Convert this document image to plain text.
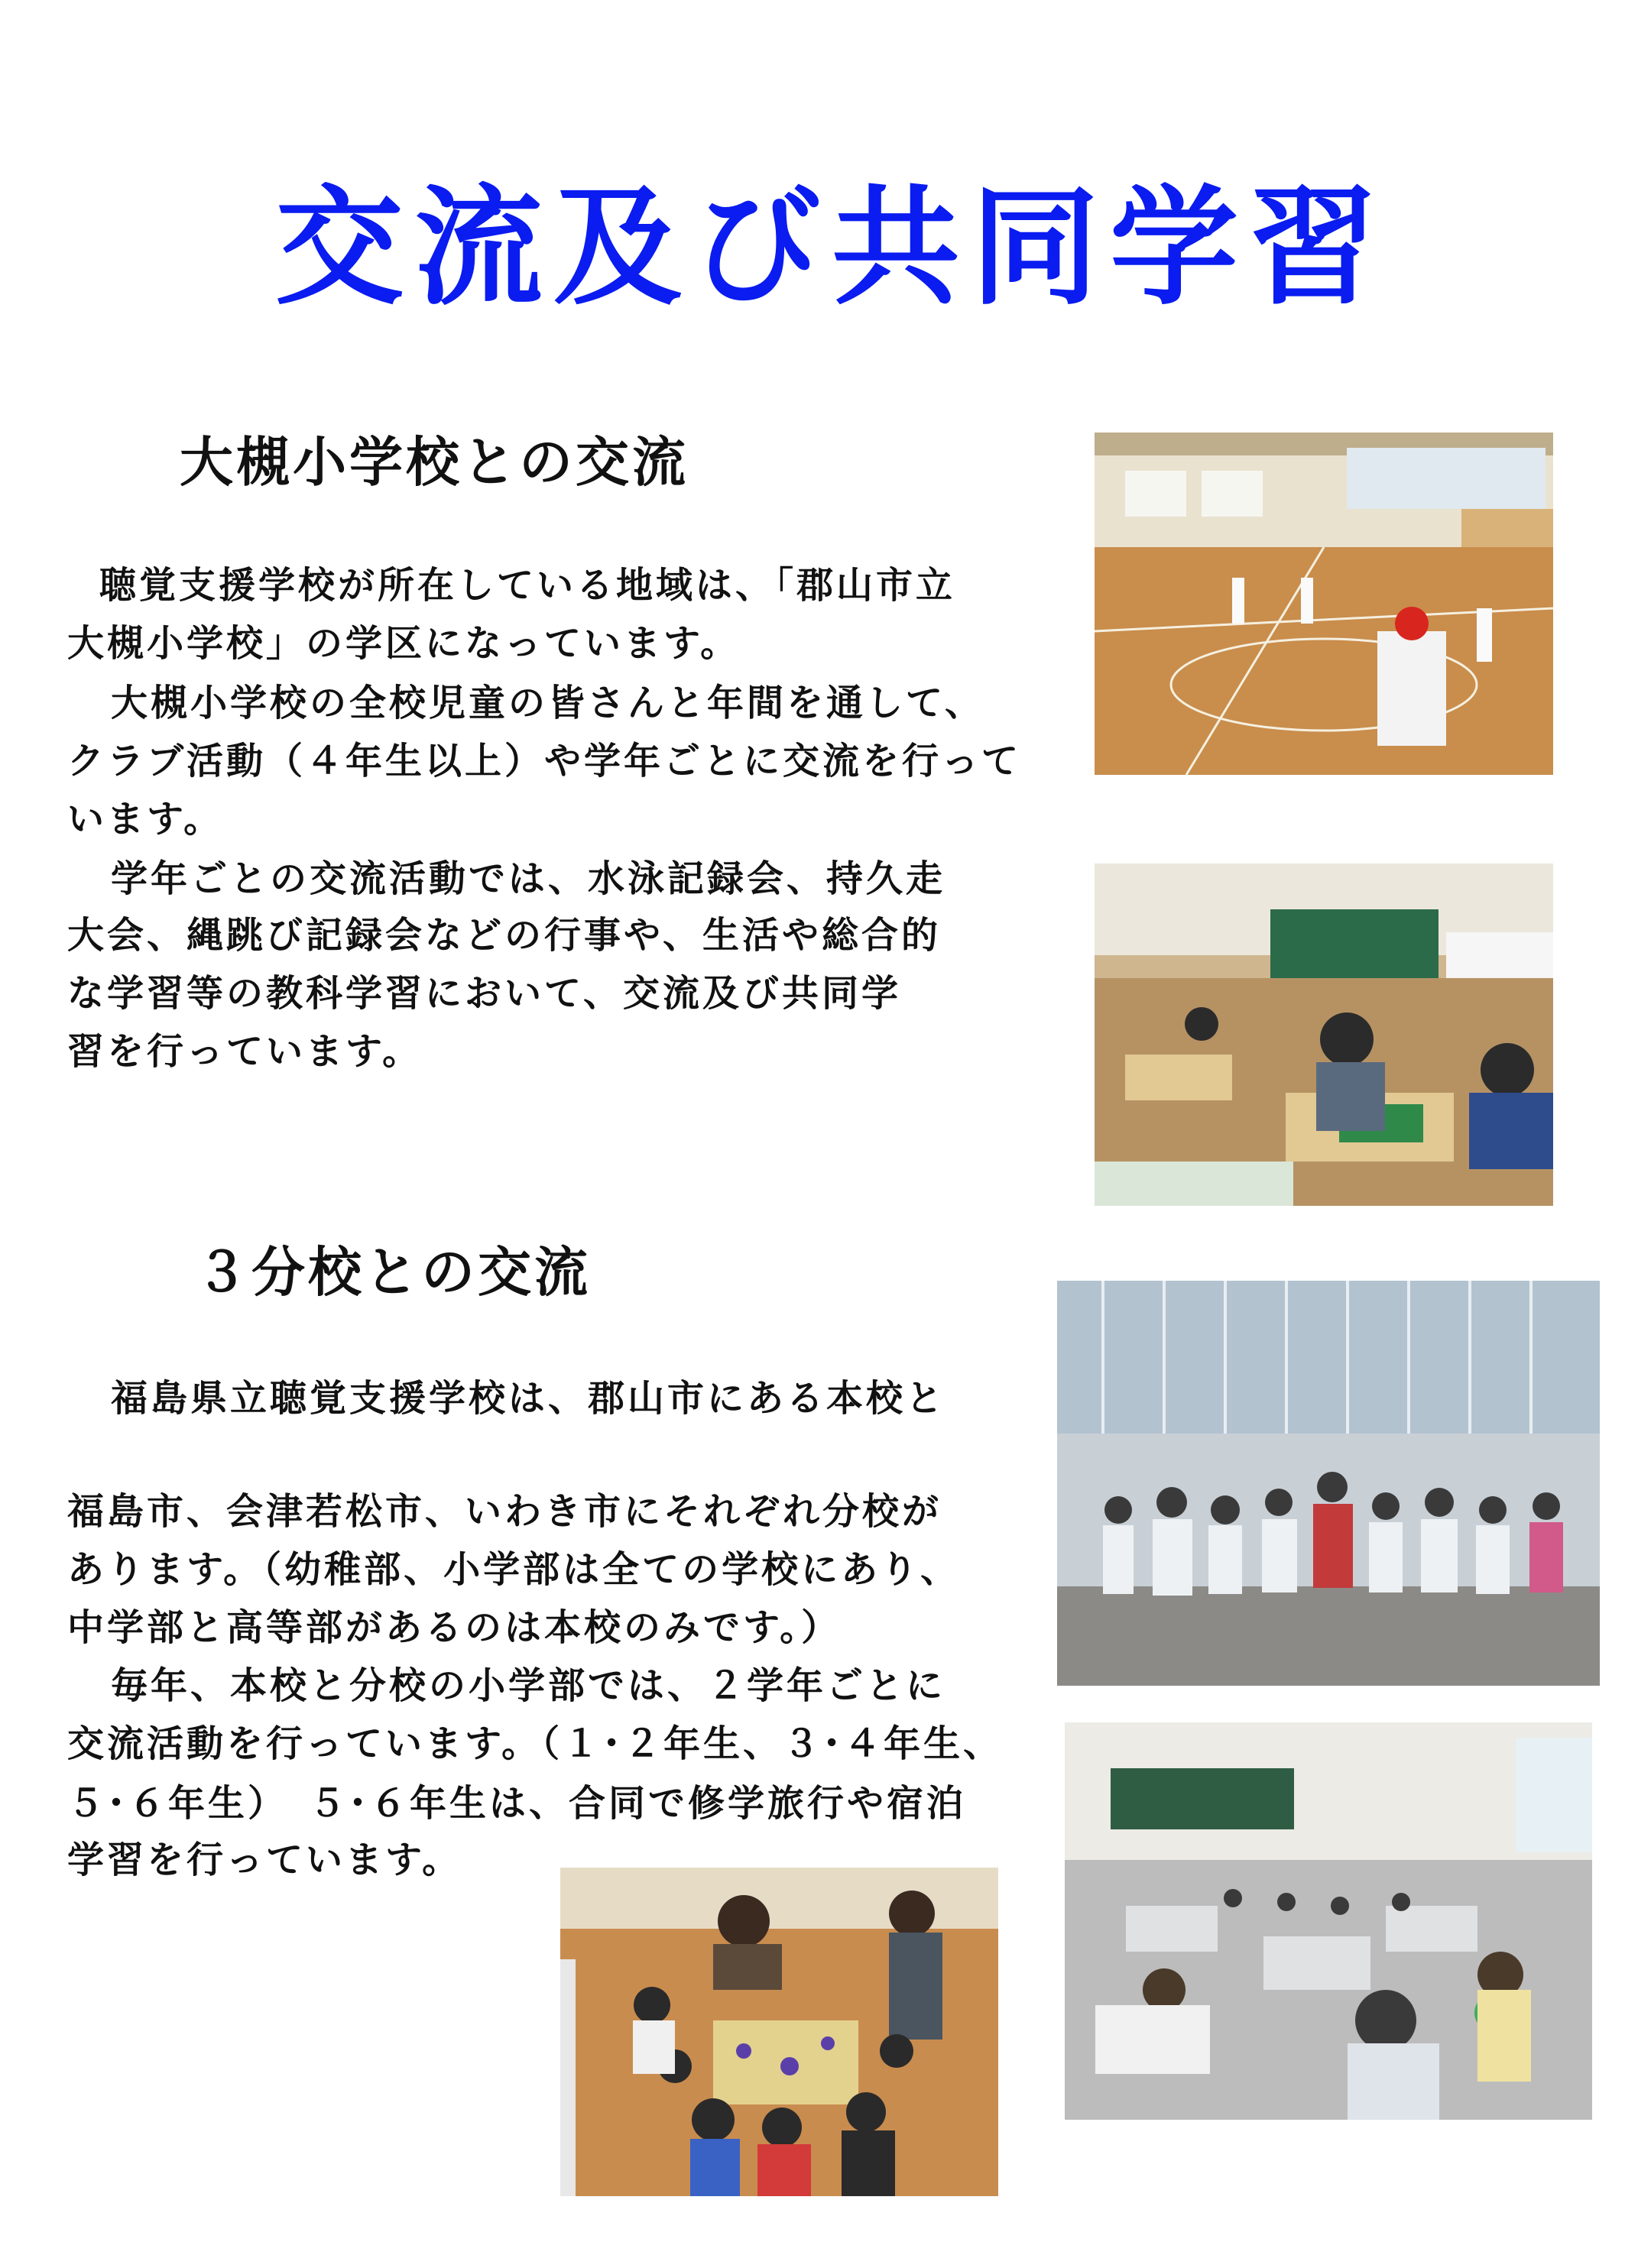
交流及び共同学習
大槻小学校との交流
聴覚支援学校が所在している地域は、「郡山市立
大槻小学校」の学区になっています。
大槻小学校の全校児童の皆さんと年間を通して、
クラブ活動（４年生以上）や学年ごとに交流を行って
います。
学年ごとの交流活動では、水泳記録会、持久走
大会、縄跳び記録会などの行事や、生活や総合的
な学習等の教科学習において、交流及び共同学
習を行っています。
３分校との交流
福島県立聴覚支援学校は、郡山市にある本校と
福島市、会津若松市、いわき市にそれぞれ分校が
あります。（幼稚部、小学部は全ての学校にあり、
中学部と高等部があるのは本校のみです。）
毎年、本校と分校の小学部では、２学年ごとに
交流活動を行っています。（１･２年生、３･４年生、
５･６年生）　５･６年生は、合同で修学旅行や宿泊
学習を行っています。
